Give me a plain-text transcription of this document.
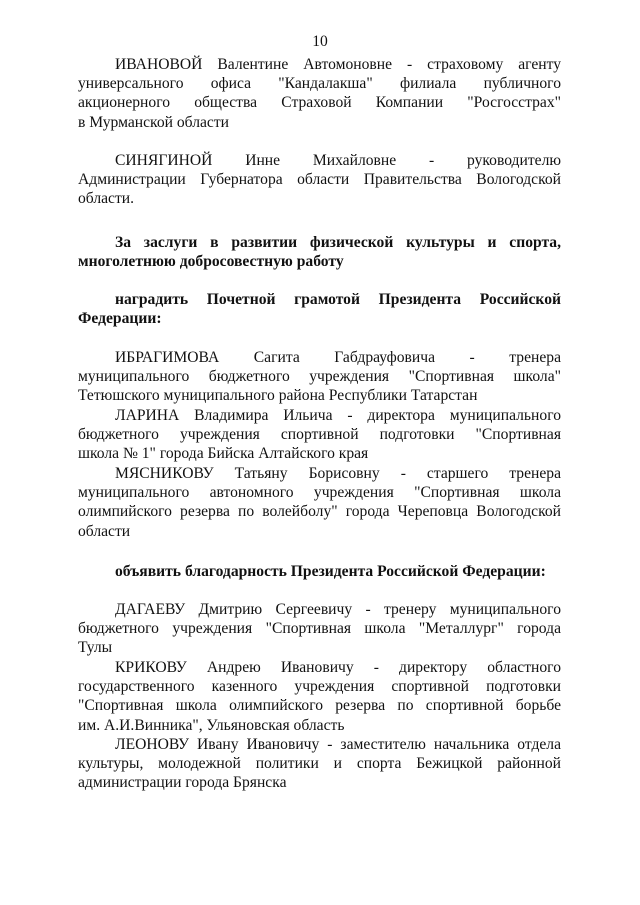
10
ИВАНОВОЙ Валентине Автомоновне - страховому агенту
универсального офиса "Кандалакша" филиала публичного
акционерного общества Страховой Компании "Росгосстрах"
в Мурманской области
СИНЯГИНОЙ Инне Михайловне - руководителю
Администрации Губернатора области Правительства Вологодской
области.
За заслуги в развитии физической культуры и спорта,
многолетнюю добросовестную работу
наградить Почетной грамотой Президента Российской
Федерации:
ИБРАГИМОВА Сагита Габдрауфовича - тренера
муниципального бюджетного учреждения "Спортивная школа"
Тетюшского муниципального района Республики Татарстан
ЛАРИНА Владимира Ильича - директора муниципального
бюджетного учреждения спортивной подготовки "Спортивная
школа № 1" города Бийска Алтайского края
МЯСНИКОВУ Татьяну Борисовну - старшего тренера
муниципального автономного учреждения "Спортивная школа
олимпийского резерва по волейболу" города Череповца Вологодской
области
объявить благодарность Президента Российской Федерации:
ДАГАЕВУ Дмитрию Сергеевичу - тренеру муниципального
бюджетного учреждения "Спортивная школа "Металлург" города
Тулы
КРИКОВУ Андрею Ивановичу - директору областного
государственного казенного учреждения спортивной подготовки
"Спортивная школа олимпийского резерва по спортивной борьбе
им. А.И.Винника", Ульяновская область
ЛЕОНОВУ Ивану Ивановичу - заместителю начальника отдела
культуры, молодежной политики и спорта Бежицкой районной
администрации города Брянска
